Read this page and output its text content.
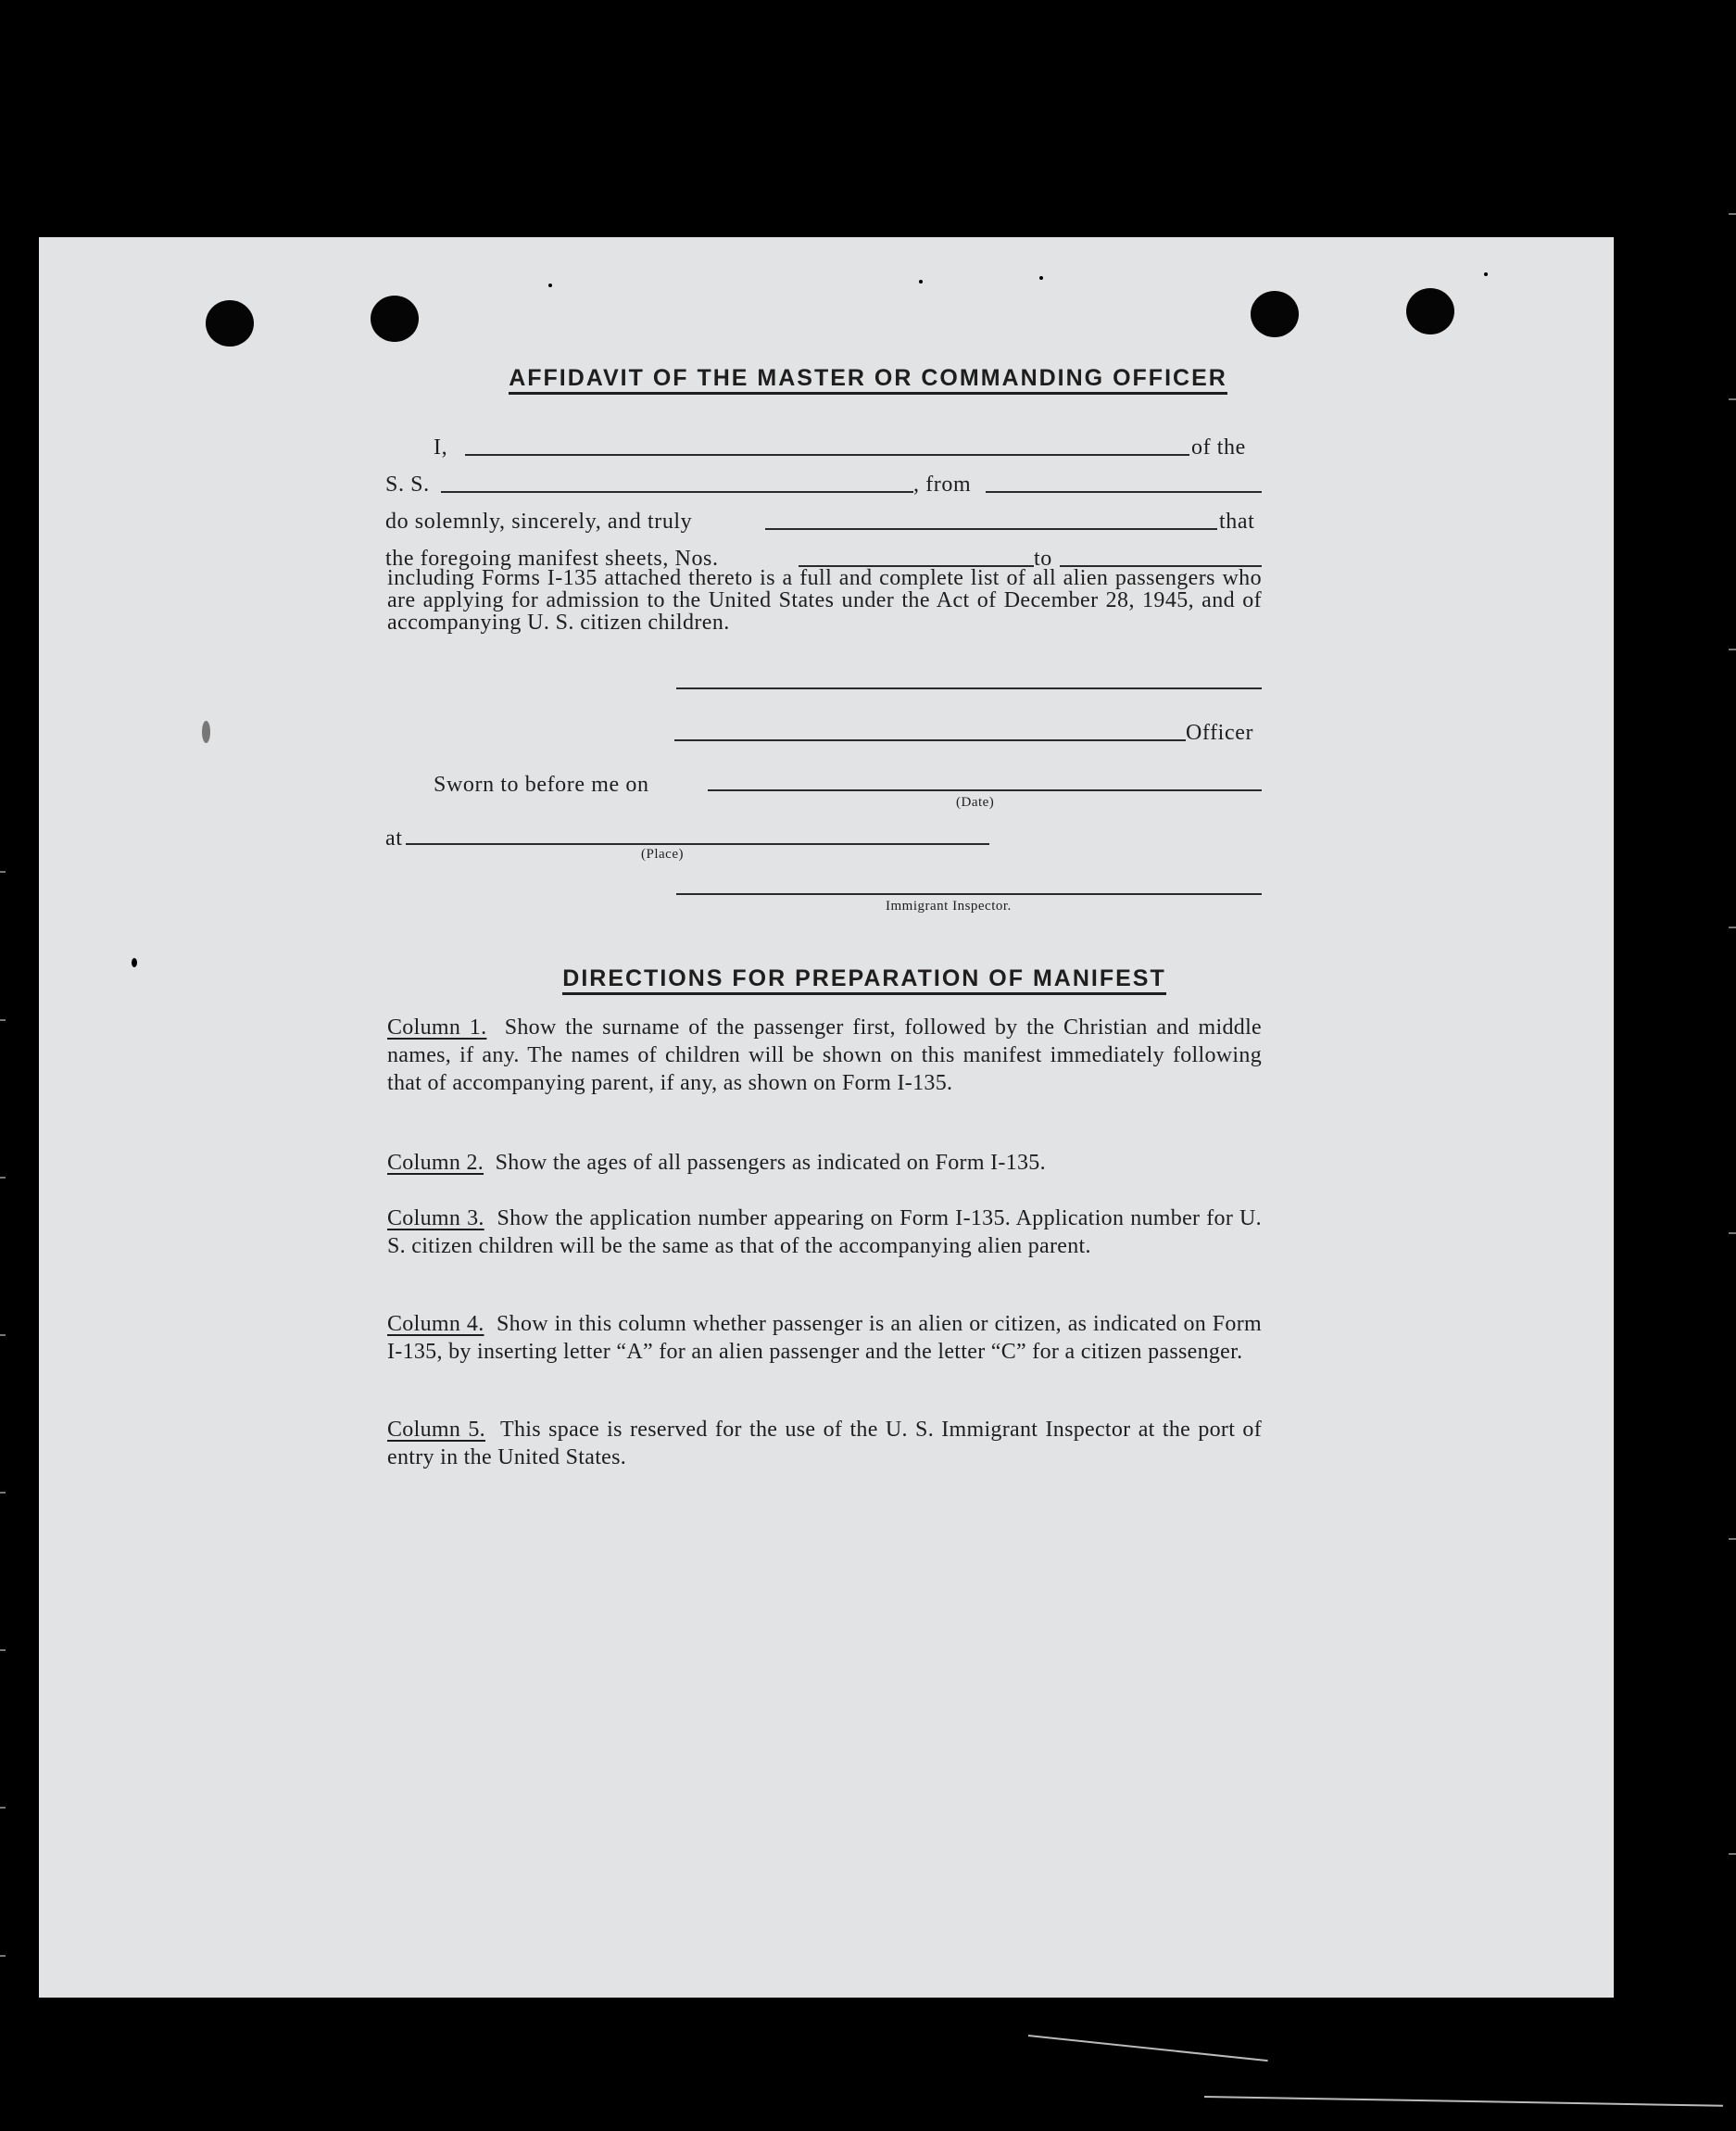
AFFIDAVIT OF THE MASTER OR COMMANDING OFFICER
I,	of the
S. S.	, from
do solemnly, sincerely, and truly	that
the foregoing manifest sheets, Nos.	to

including Forms I-135 attached thereto is a full and complete list of all alien passengers who are applying for admission to the United States under the Act of December 28, 1945, and of accompanying U. S. citizen children.

Officer
Sworn to before me on
(Date)
at
(Place)
Immigrant Inspector.
DIRECTIONS FOR PREPARATION OF MANIFEST

Column 1. Show the surname of the passenger first, followed by the Christian and middle names, if any. The names of children will be shown on this manifest immediately following that of accompanying parent, if any, as shown on Form I-135.

Column 2. Show the ages of all passengers as indicated on Form I-135.

Column 3. Show the application number appearing on Form I-135. Application number for U. S. citizen children will be the same as that of the accompanying alien parent.

Column 4. Show in this column whether passenger is an alien or citizen, as indicated on Form I-135, by inserting letter “A” for an alien passenger and the letter “C” for a citizen passenger.

Column 5. This space is reserved for the use of the U. S. Immigrant Inspector at the port of entry in the United States.
